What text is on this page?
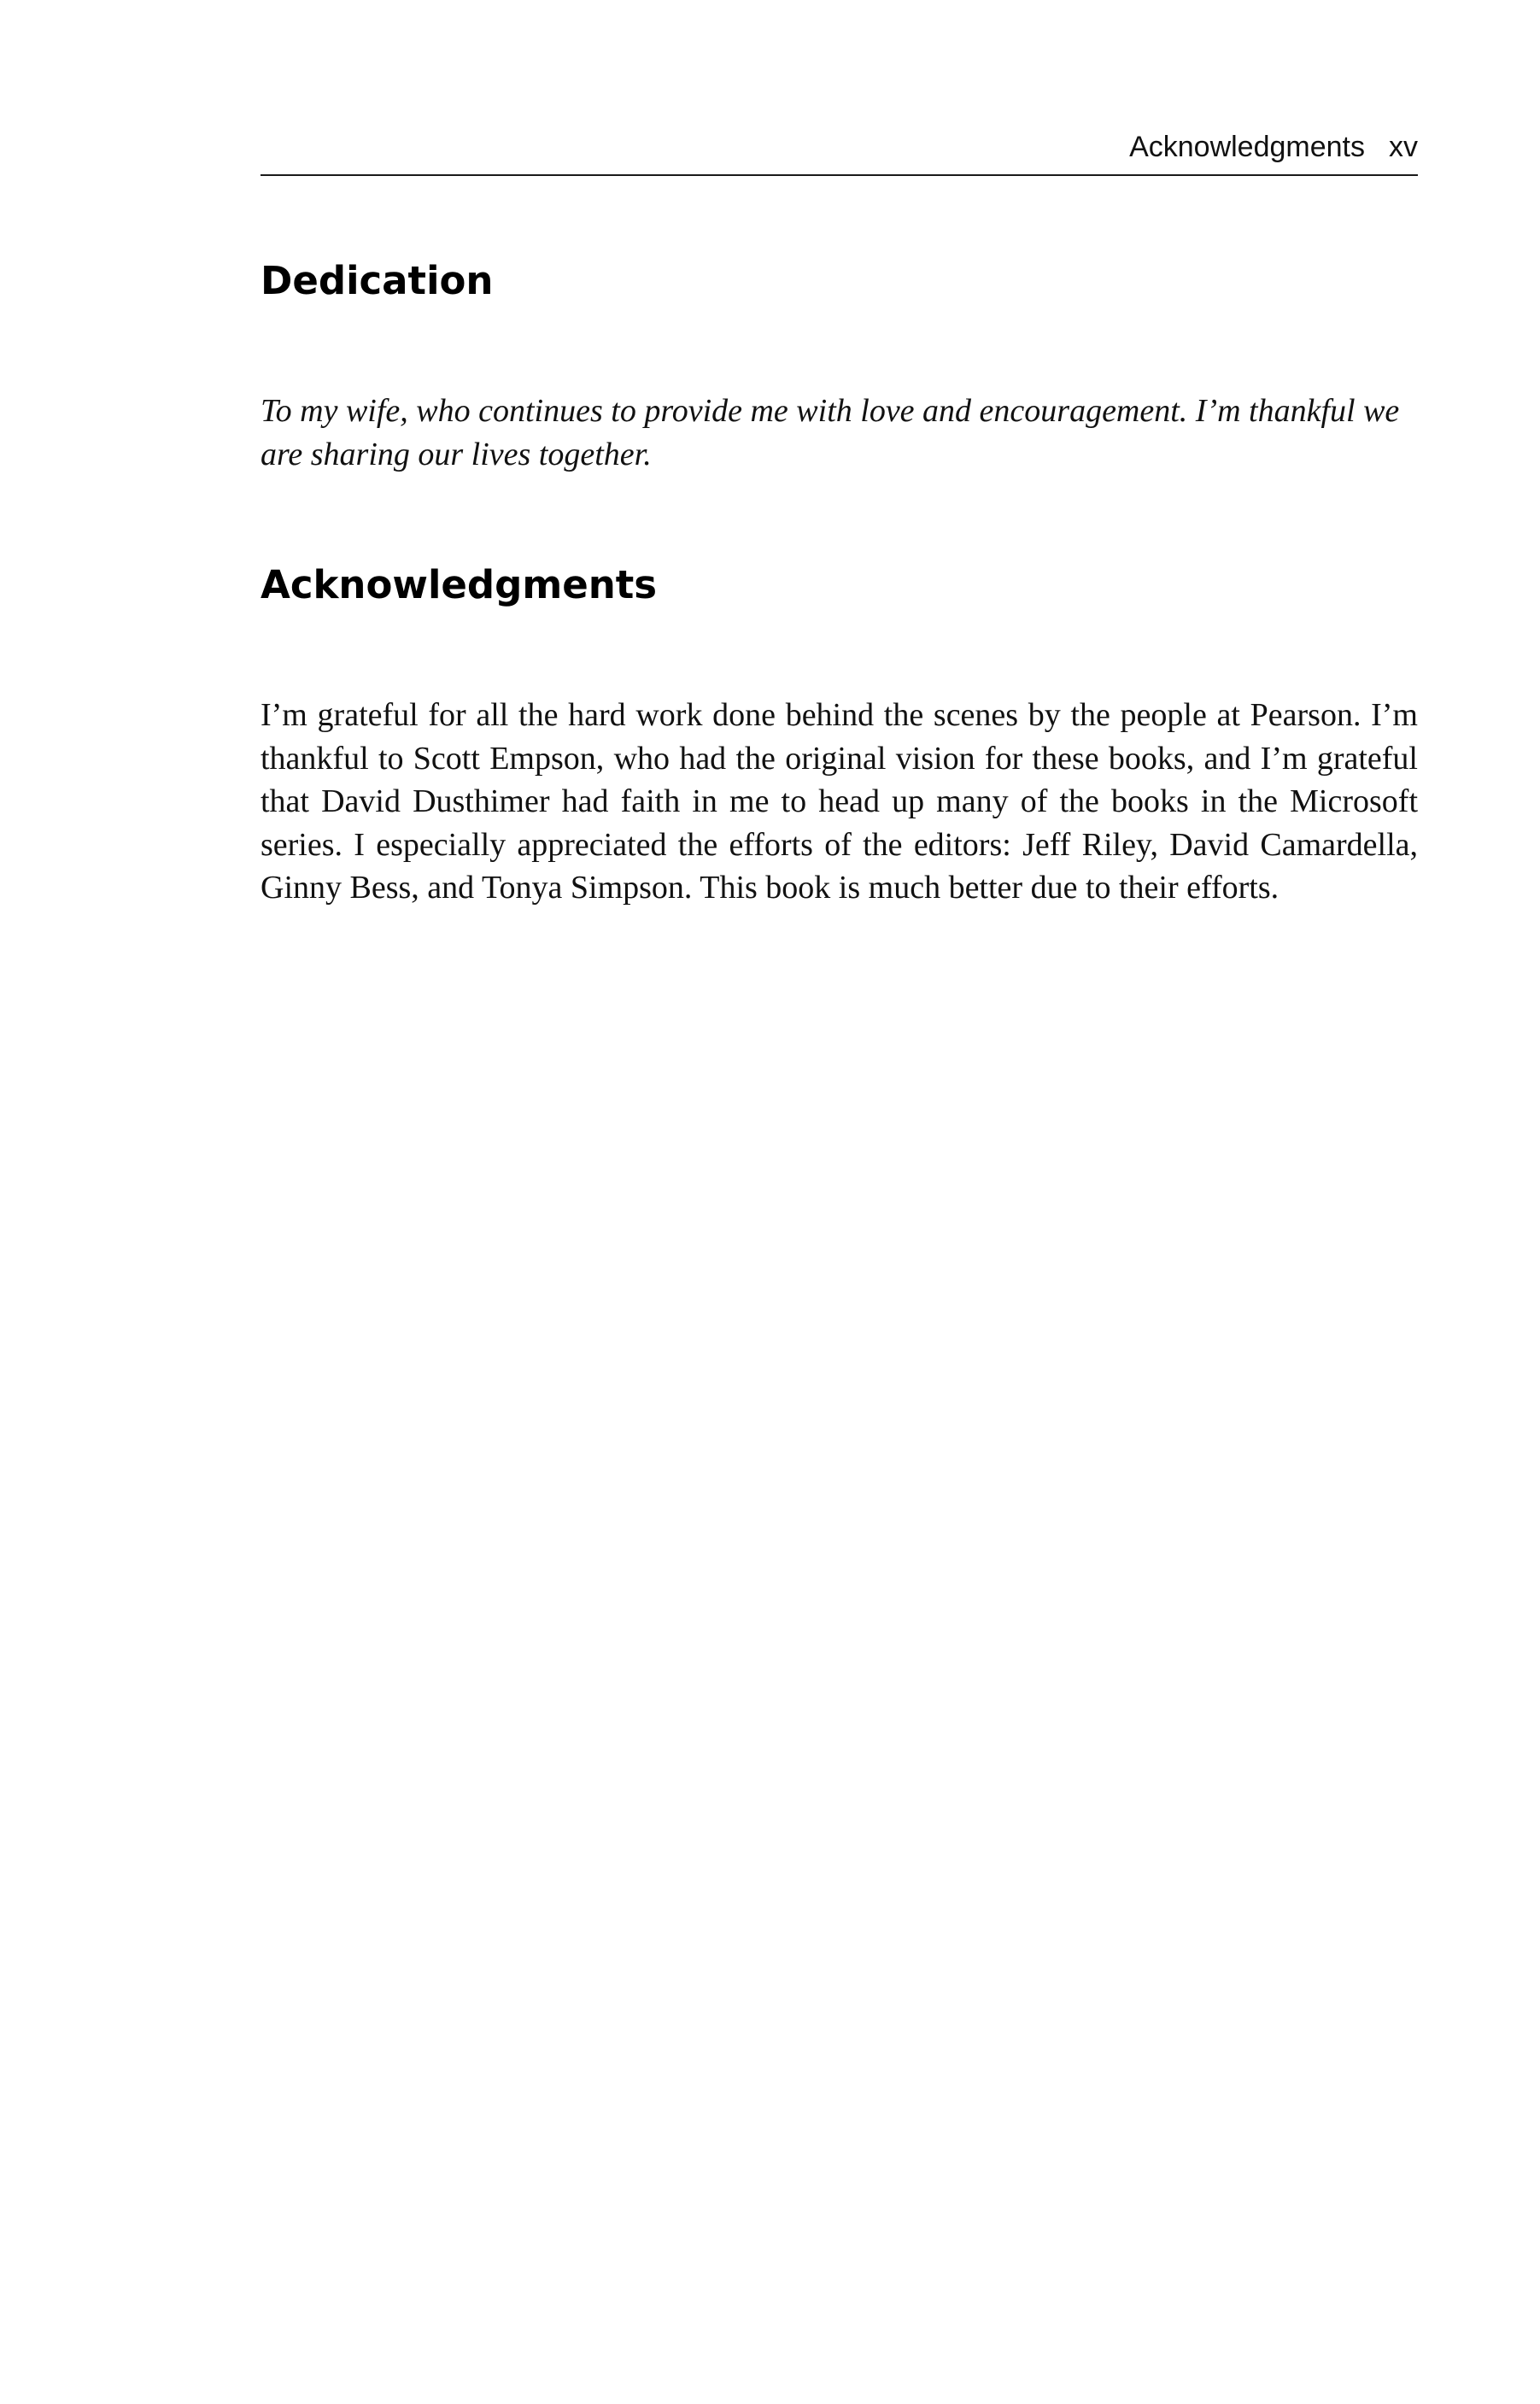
Acknowledgments xv
Dedication

To my wife, who continues to provide me with love and encouragement. I’m thankful we are sharing our lives together.

Acknowledgments

I’m grateful for all the hard work done behind the scenes by the people at Pearson. I’m thankful to Scott Empson, who had the original vision for these books, and I’m grateful that David Dusthimer had faith in me to head up many of the books in the Microsoft series. I especially appreciated the efforts of the editors: Jeff Riley, David Camardella, Ginny Bess, and Tonya Simpson. This book is much better due to their efforts.
